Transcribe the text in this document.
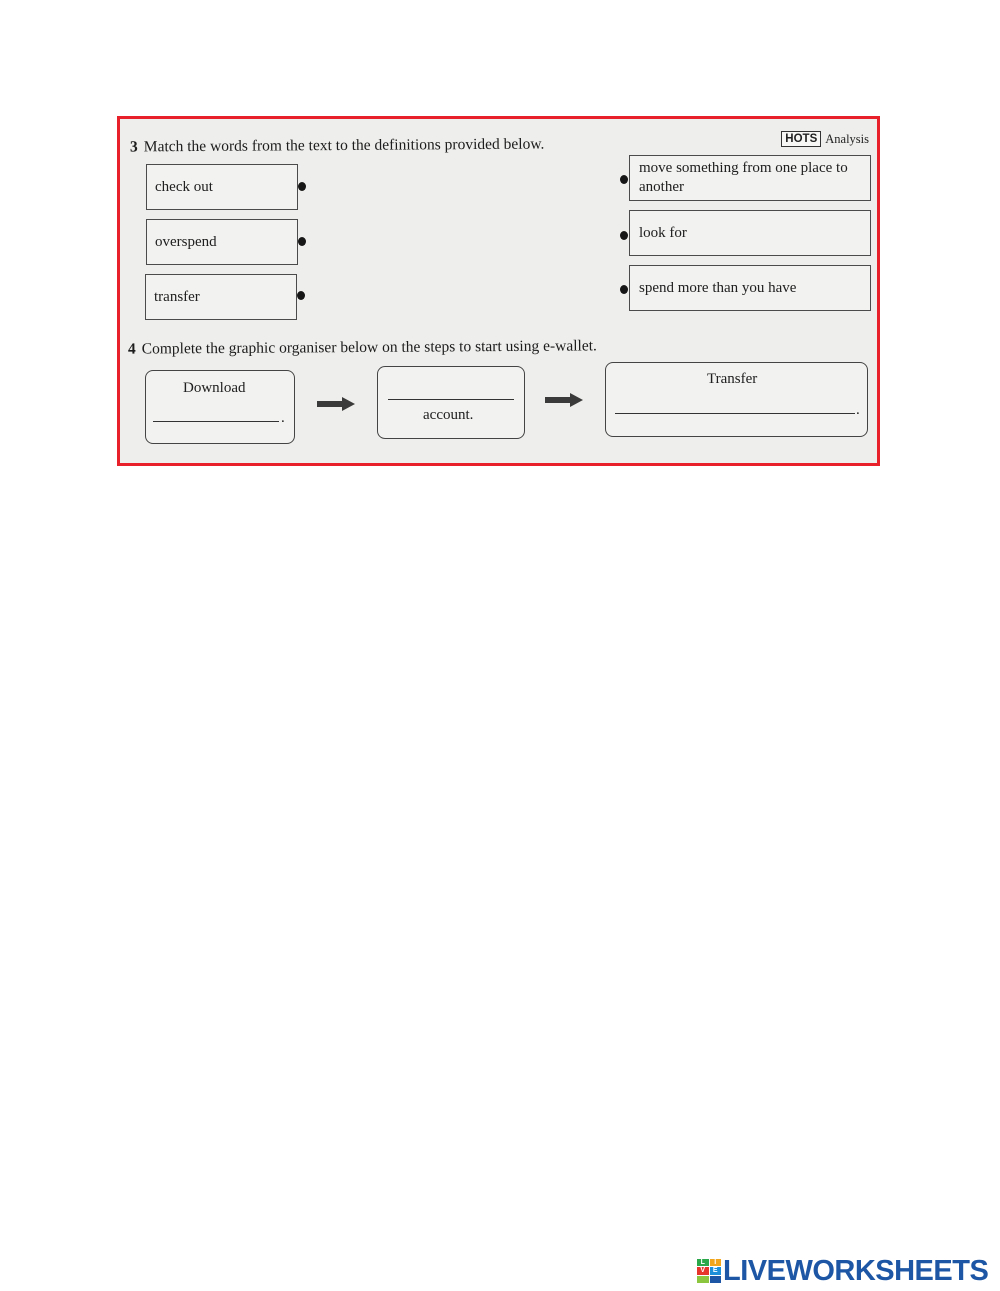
3 Match the words from the text to the definitions provided below.	HOTS Analysis
check out
overspend
transfer
move something from one place to another
look for
spend more than you have
4 Complete the graphic organiser below on the steps to start using e-wallet.
Download
.	account.
Transfer
.
L	I
V	E LIVEWORKSHEETS
